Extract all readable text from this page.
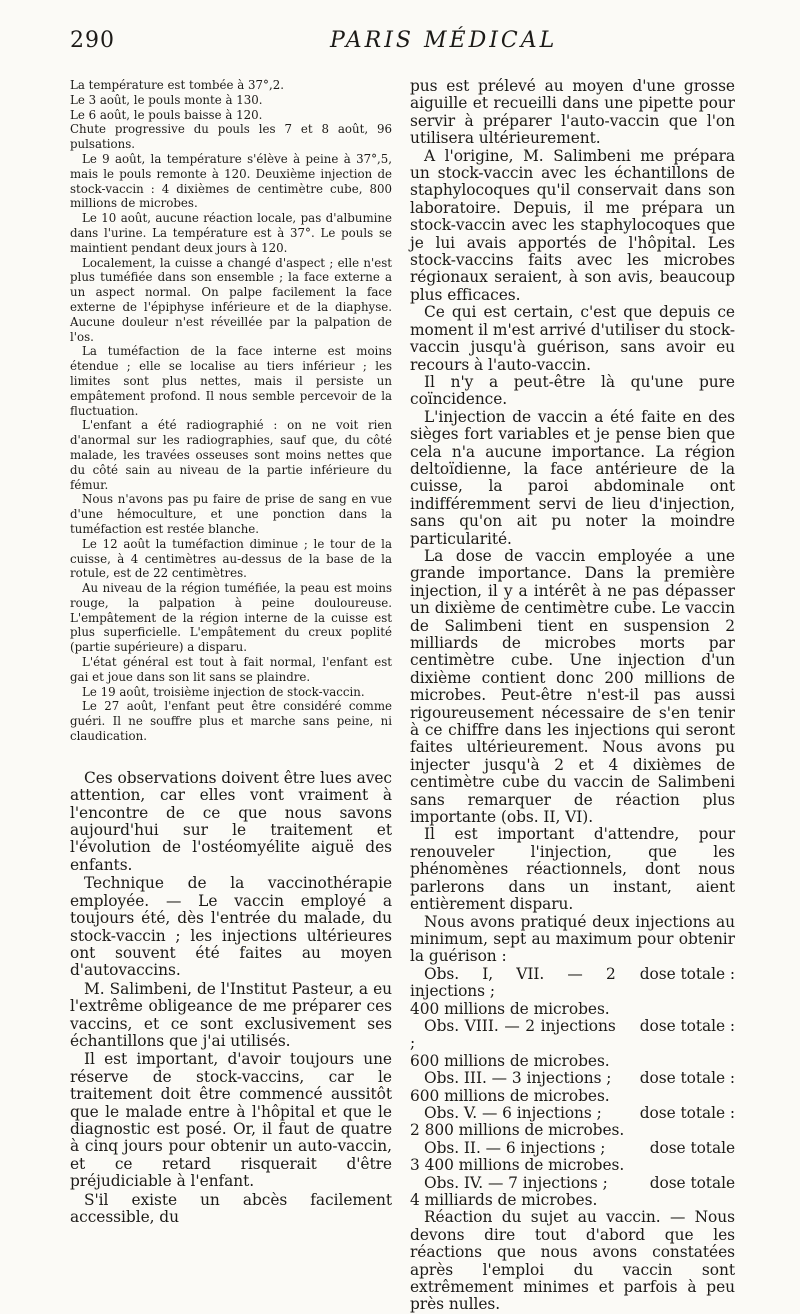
290	PARIS MÉDICAL

La température est tombée à 37°,2.

Le 3 août, le pouls monte à 130.

Le 6 août, le pouls baisse à 120.

Chute progressive du pouls les 7 et 8 août, 96 pulsations.

Le 9 août, la température s'élève à peine à 37°,5, mais le pouls remonte à 120. Deuxième injection de stock-vaccin : 4 dixièmes de centimètre cube, 800 millions de microbes.

Le 10 août, aucune réaction locale, pas d'albumine dans l'urine. La température est à 37°. Le pouls se maintient pendant deux jours à 120.

Localement, la cuisse a changé d'aspect ; elle n'est plus tuméfiée dans son ensemble ; la face externe a un aspect normal. On palpe facilement la face externe de l'épiphyse inférieure et de la diaphyse. Aucune douleur n'est réveillée par la palpation de l'os.

La tuméfaction de la face interne est moins étendue ; elle se localise au tiers inférieur ; les limites sont plus nettes, mais il persiste un empâtement profond. Il nous semble percevoir de la fluctuation.

L'enfant a été radiographié : on ne voit rien d'anormal sur les radiographies, sauf que, du côté malade, les travées osseuses sont moins nettes que du côté sain au niveau de la partie inférieure du fémur.

Nous n'avons pas pu faire de prise de sang en vue d'une hémoculture, et une ponction dans la tuméfaction est restée blanche.

Le 12 août la tuméfaction diminue ; le tour de la cuisse, à 4 centimètres au-dessus de la base de la rotule, est de 22 centimètres.

Au niveau de la région tuméfiée, la peau est moins rouge, la palpation à peine douloureuse. L'empâtement de la région interne de la cuisse est plus superficielle. L'empâtement du creux poplité (partie supérieure) a disparu.

L'état général est tout à fait normal, l'enfant est gai et joue dans son lit sans se plaindre.

Le 19 août, troisième injection de stock-vaccin.

Le 27 août, l'enfant peut être considéré comme guéri. Il ne souffre plus et marche sans peine, ni claudication.

Ces observations doivent être lues avec attention, car elles vont vraiment à l'encontre de ce que nous savons aujourd'hui sur le traitement et l'évolution de l'ostéomyélite aiguë des enfants.

Technique de la vaccinothérapie employée. — Le vaccin employé a toujours été, dès l'entrée du malade, du stock-vaccin ; les injections ultérieures ont souvent été faites au moyen d'autovaccins.

M. Salimbeni, de l'Institut Pasteur, a eu l'extrême obligeance de me préparer ces vaccins, et ce sont exclusivement ses échantillons que j'ai utilisés.

Il est important, d'avoir toujours une réserve de stock-vaccins, car le traitement doit être commencé aussitôt que le malade entre à l'hôpital et que le diagnostic est posé. Or, il faut de quatre à cinq jours pour obtenir un auto-vaccin, et ce retard risquerait d'être préjudiciable à l'enfant.

S'il existe un abcès facilement accessible, du

pus est prélevé au moyen d'une grosse aiguille et recueilli dans une pipette pour servir à préparer l'auto-vaccin que l'on utilisera ultérieurement.

A l'origine, M. Salimbeni me prépara un stock-vaccin avec les échantillons de staphylocoques qu'il conservait dans son laboratoire. Depuis, il me prépara un stock-vaccin avec les staphylocoques que je lui avais apportés de l'hôpital. Les stock-vaccins faits avec les microbes régionaux seraient, à son avis, beaucoup plus efficaces.

Ce qui est certain, c'est que depuis ce moment il m'est arrivé d'utiliser du stock-vaccin jusqu'à guérison, sans avoir eu recours à l'auto-vaccin.

Il n'y a peut-être là qu'une pure coïncidence.

L'injection de vaccin a été faite en des sièges fort variables et je pense bien que cela n'a aucune importance. La région deltoïdienne, la face antérieure de la cuisse, la paroi abdominale ont indifféremment servi de lieu d'injection, sans qu'on ait pu noter la moindre particularité.

La dose de vaccin employée a une grande importance. Dans la première injection, il y a intérêt à ne pas dépasser un dixième de centimètre cube. Le vaccin de Salimbeni tient en suspension 2 milliards de microbes morts par centimètre cube. Une injection d'un dixième contient donc 200 millions de microbes. Peut-être n'est-il pas aussi rigoureusement nécessaire de s'en tenir à ce chiffre dans les injections qui seront faites ultérieurement. Nous avons pu injecter jusqu'à 2 et 4 dixièmes de centimètre cube du vaccin de Salimbeni sans remarquer de réaction plus importante (obs. II, VI).

Il est important d'attendre, pour renouveler l'injection, que les phénomènes réactionnels, dont nous parlerons dans un instant, aient entièrement disparu.

Nous avons pratiqué deux injections au minimum, sept au maximum pour obtenir la guérison :

Obs. I, VII. — 2 injections ;
dose totale :

400 millions de microbes.

Obs. VIII. — 2 injections ;
dose totale :

600 millions de microbes.

Obs. III. — 3 injections ;	dose totale :

600 millions de microbes.

Obs. V. — 6 injections ;	dose totale :

2 800 millions de microbes.

Obs. II. — 6 injections ;	dose totale

3 400 millions de microbes.

Obs. IV. — 7 injections ;	dose totale

4 milliards de microbes.

Réaction du sujet au vaccin. — Nous devons dire tout d'abord que les réactions que nous avons constatées après l'emploi du vaccin sont extrêmement minimes et parfois à peu près nulles.
